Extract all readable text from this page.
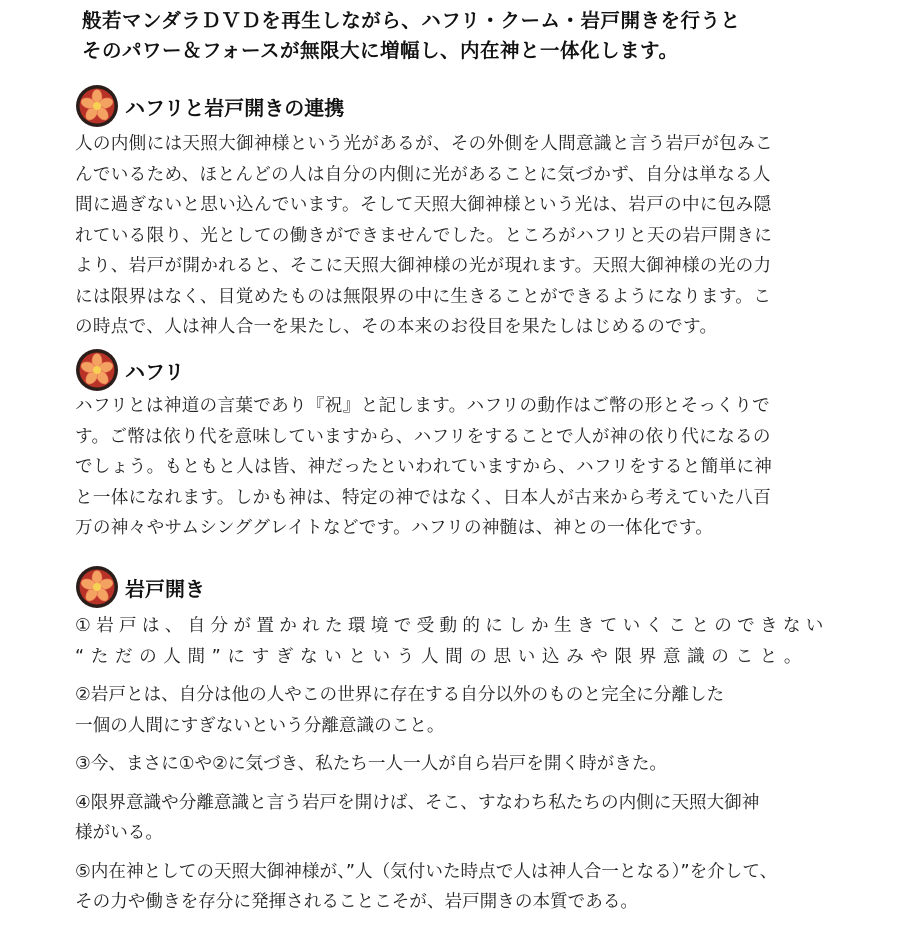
般若マンダラＤＶＤを再生しながら、ハフリ・クーム・岩戸開きを行うと
そのパワー＆フォースが無限大に増幅し、内在神と一体化します。
ハフリと岩戸開きの連携
人の内側には天照大御神様という光があるが、その外側を人間意識と言う岩戸が包みこ
んでいるため、ほとんどの人は自分の内側に光があることに気づかず、自分は単なる人
間に過ぎないと思い込んでいます。そして天照大御神様という光は、岩戸の中に包み隠
れている限り、光としての働きができませんでした。ところがハフリと天の岩戸開きに
より、岩戸が開かれると、そこに天照大御神様の光が現れます。天照大御神様の光の力
には限界はなく、目覚めたものは無限界の中に生きることができるようになります。こ
の時点で、人は神人合一を果たし、その本来のお役目を果たしはじめるのです。
ハフリ
ハフリとは神道の言葉であり『祝』と記します。ハフリの動作はご幣の形とそっくりで
す。ご幣は依り代を意味していますから、ハフリをすることで人が神の依り代になるの
でしょう。もともと人は皆、神だったといわれていますから、ハフリをすると簡単に神
と一体になれます。しかも神は、特定の神ではなく、日本人が古来から考えていた八百
万の神々やサムシンググレイトなどです。ハフリの神髄は、神との一体化です。
岩戸開き
①岩戸は、自分が置かれた環境で受動的にしか生きていくことのできない
“ただの人間”にすぎないという人間の思い込みや限界意識のこと。
②岩戸とは、自分は他の人やこの世界に存在する自分以外のものと完全に分離した
一個の人間にすぎないという分離意識のこと。
③今、まさに①や②に気づき、私たち一人一人が自ら岩戸を開く時がきた。
④限界意識や分離意識と言う岩戸を開けば、そこ、すなわち私たちの内側に天照大御神
様がいる。
⑤内在神としての天照大御神様が、”人（気付いた時点で人は神人合一となる）”を介して、
その力や働きを存分に発揮されることこそが、岩戸開きの本質である。
